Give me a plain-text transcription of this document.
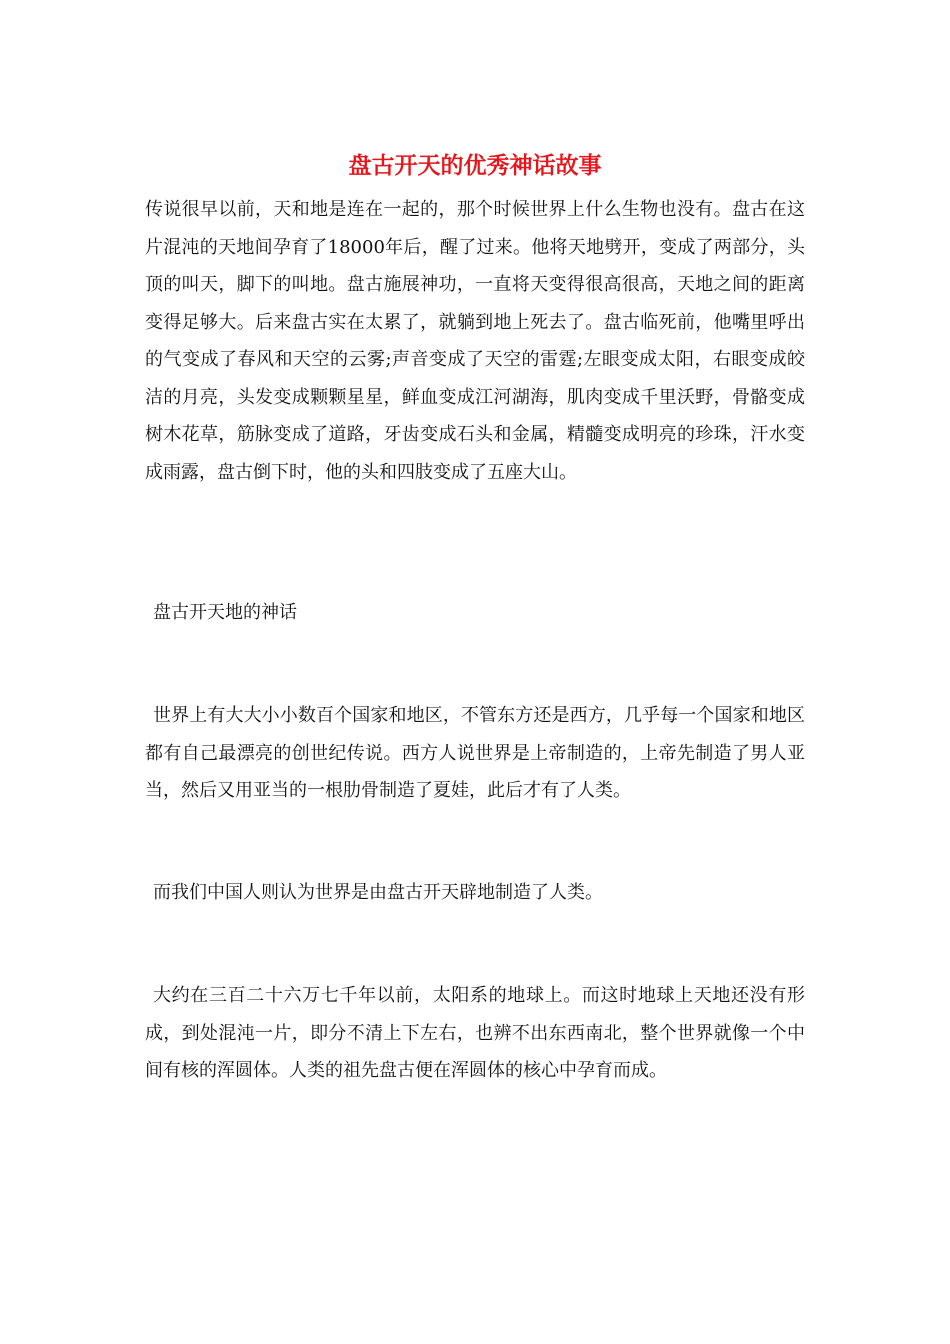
盘古开天的优秀神话故事

传说很早以前，天和地是连在一起的，那个时候世界上什么生物也没有。盘古在这片混沌的天地间孕育了18000年后，醒了过来。他将天地劈开，变成了两部分，头顶的叫天，脚下的叫地。盘古施展神功，一直将天变得很高很高，天地之间的距离变得足够大。后来盘古实在太累了，就躺到地上死去了。盘古临死前，他嘴里呼出的气变成了春风和天空的云雾;声音变成了天空的雷霆;左眼变成太阳，右眼变成皎洁的月亮，头发变成颗颗星星，鲜血变成江河湖海，肌肉变成千里沃野，骨骼变成树木花草，筋脉变成了道路，牙齿变成石头和金属，精髓变成明亮的珍珠，汗水变成雨露，盘古倒下时，他的头和四肢变成了五座大山。

盘古开天地的神话

世界上有大大小小数百个国家和地区，不管东方还是西方，几乎每一个国家和地区都有自己最漂亮的创世纪传说。西方人说世界是上帝制造的，上帝先制造了男人亚当，然后又用亚当的一根肋骨制造了夏娃，此后才有了人类。

而我们中国人则认为世界是由盘古开天辟地制造了人类。

大约在三百二十六万七千年以前，太阳系的地球上。而这时地球上天地还没有形成，到处混沌一片，即分不清上下左右，也辨不出东西南北，整个世界就像一个中间有核的浑圆体。人类的祖先盘古便在浑圆体的核心中孕育而成。
